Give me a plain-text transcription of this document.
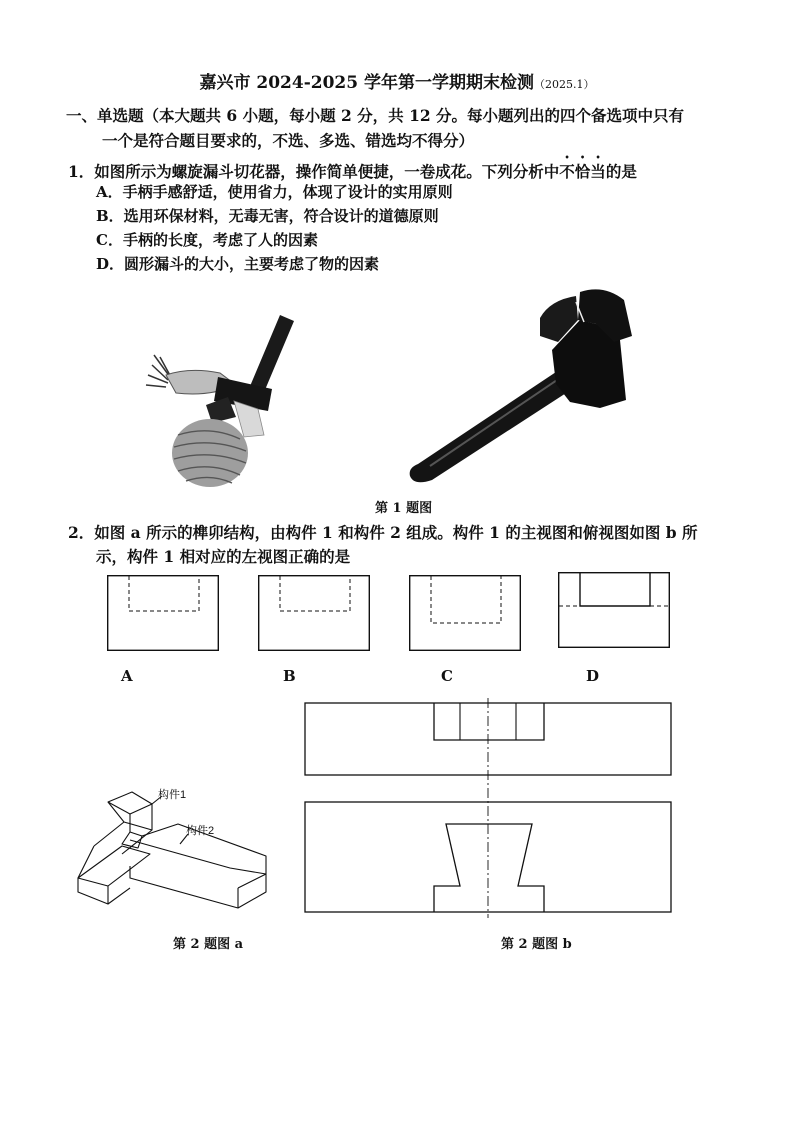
嘉兴市 2024-2025 学年第一学期期末检测（2025.1）
一、单选题（本大题共 6 小题，每小题 2 分，共 12 分。每小题列出的四个备选项中只有
一个是符合题目要求的，不选、多选、错选均不得分）
1．如图所示为螺旋漏斗切花器，操作简单便捷，一卷成花。下列分析中不恰当的是
A．手柄手感舒适，使用省力，体现了设计的实用原则
B．选用环保材料，无毒无害，符合设计的道德原则
C．手柄的长度，考虑了人的因素
D．圆形漏斗的大小，主要考虑了物的因素
第 1 题图
2．如图 a 所示的榫卯结构，由构件 1 和构件 2 组成。构件 1 的主视图和俯视图如图 b 所
示，构件 1 相对应的左视图正确的是
A	B	C	D
构件1
构件2
第 2 题图 a	第 2 题图 b
